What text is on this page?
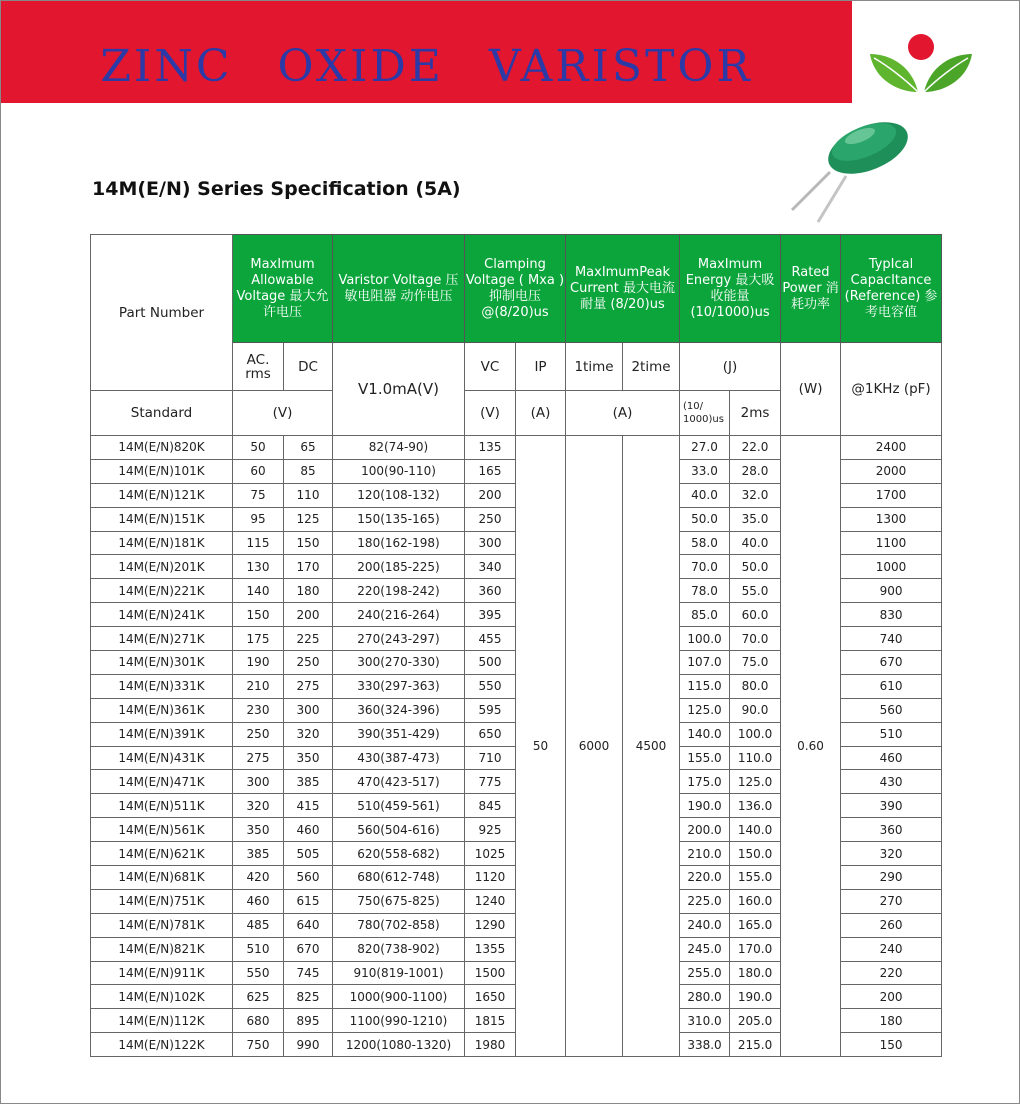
ZINC OXIDE VARISTOR
14M(E/N) Series Specification (5A)
Part Number	MaxImum Allowable Voltage 最大允许电压		Varistor Voltage 压敏电阻器 动作电压	Clamping Voltage ( Mxa ) 抑制电压 @(8/20)us		MaxImumPeak Current 最大电流耐量 (8/20)us		MaxImum Energy 最大吸收能量 (10/1000)us		Rated Power 消耗功率	TypIcal CapacItance (Reference) 参考电容值
	AC. rms	DC	V1.0mA(V)	VC	IP	1time	2time	(J)		(W)	@1KHz (pF)
Standard	(V)			(V)	(A)	(A)		(10/ 1000)us	2ms		
14M(E/N)820K	50	65	82(74-90)	135	50	6000	4500	27.0	22.0	0.60	2400
14M(E/N)101K	60	85	100(90-110)	165				33.0	28.0		2000
14M(E/N)121K	75	110	120(108-132)	200				40.0	32.0		1700
14M(E/N)151K	95	125	150(135-165)	250				50.0	35.0		1300
14M(E/N)181K	115	150	180(162-198)	300				58.0	40.0		1100
14M(E/N)201K	130	170	200(185-225)	340				70.0	50.0		1000
14M(E/N)221K	140	180	220(198-242)	360				78.0	55.0		900
14M(E/N)241K	150	200	240(216-264)	395				85.0	60.0		830
14M(E/N)271K	175	225	270(243-297)	455				100.0	70.0		740
14M(E/N)301K	190	250	300(270-330)	500				107.0	75.0		670
14M(E/N)331K	210	275	330(297-363)	550				115.0	80.0		610
14M(E/N)361K	230	300	360(324-396)	595				125.0	90.0		560
14M(E/N)391K	250	320	390(351-429)	650				140.0	100.0		510
14M(E/N)431K	275	350	430(387-473)	710				155.0	110.0		460
14M(E/N)471K	300	385	470(423-517)	775				175.0	125.0		430
14M(E/N)511K	320	415	510(459-561)	845				190.0	136.0		390
14M(E/N)561K	350	460	560(504-616)	925				200.0	140.0		360
14M(E/N)621K	385	505	620(558-682)	1025				210.0	150.0		320
14M(E/N)681K	420	560	680(612-748)	1120				220.0	155.0		290
14M(E/N)751K	460	615	750(675-825)	1240				225.0	160.0		270
14M(E/N)781K	485	640	780(702-858)	1290				240.0	165.0		260
14M(E/N)821K	510	670	820(738-902)	1355				245.0	170.0		240
14M(E/N)911K	550	745	910(819-1001)	1500				255.0	180.0		220
14M(E/N)102K	625	825	1000(900-1100)	1650				280.0	190.0		200
14M(E/N)112K	680	895	1100(990-1210)	1815				310.0	205.0		180
14M(E/N)122K	750	990	1200(1080-1320)	1980				338.0	215.0		150
